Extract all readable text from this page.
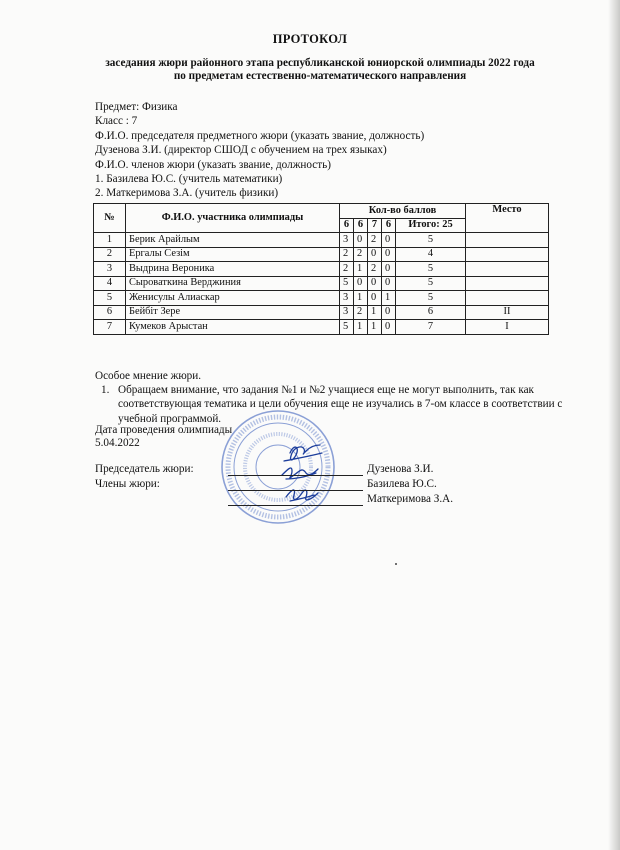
ПРОТОКОЛ
заседания жюри районного этапа республиканской юниорской олимпиады 2022 года
по предметам естественно-математического направления
Предмет: Физика
Класс : 7
Ф.И.О. председателя предметного жюри (указать звание, должность)
Дузенова З.И. (директор СШОД с обучением на трех языках)
Ф.И.О. членов жюри (указать звание, должность)
1. Базилева Ю.С. (учитель математики)
2. Маткеримова З.А. (учитель физики)
№	Ф.И.О. участника олимпиады	Кол-во баллов					Место
		6	6	7	6	Итого: 25	
1	Берик Арайлым	3	0	2	0	5	
2	Ергалы Сезім	2	2	0	0	4	
3	Выдрина Вероника	2	1	2	0	5	
4	Сыроваткина Верджиния	5	0	0	0	5	
5	Женисулы Алиаскар	3	1	0	1	5	
6	Бейбіт Зере	3	2	1	0	6	II
7	Кумеков Арыстан	5	1	1	0	7	I
Особое мнение жюри.
1. Обращаем внимание, что задания №1 и №2 учащиеся еще не могут выполнить, так как соответствующая тематика и цели обучения еще не изучались в 7-ом классе в соответствии с учебной программой.
Дата проведения олимпиады
5.04.2022
Председатель жюри:
Члены жюри:
Дузенова З.И.
Базилева Ю.С.
Маткеримова З.А.
